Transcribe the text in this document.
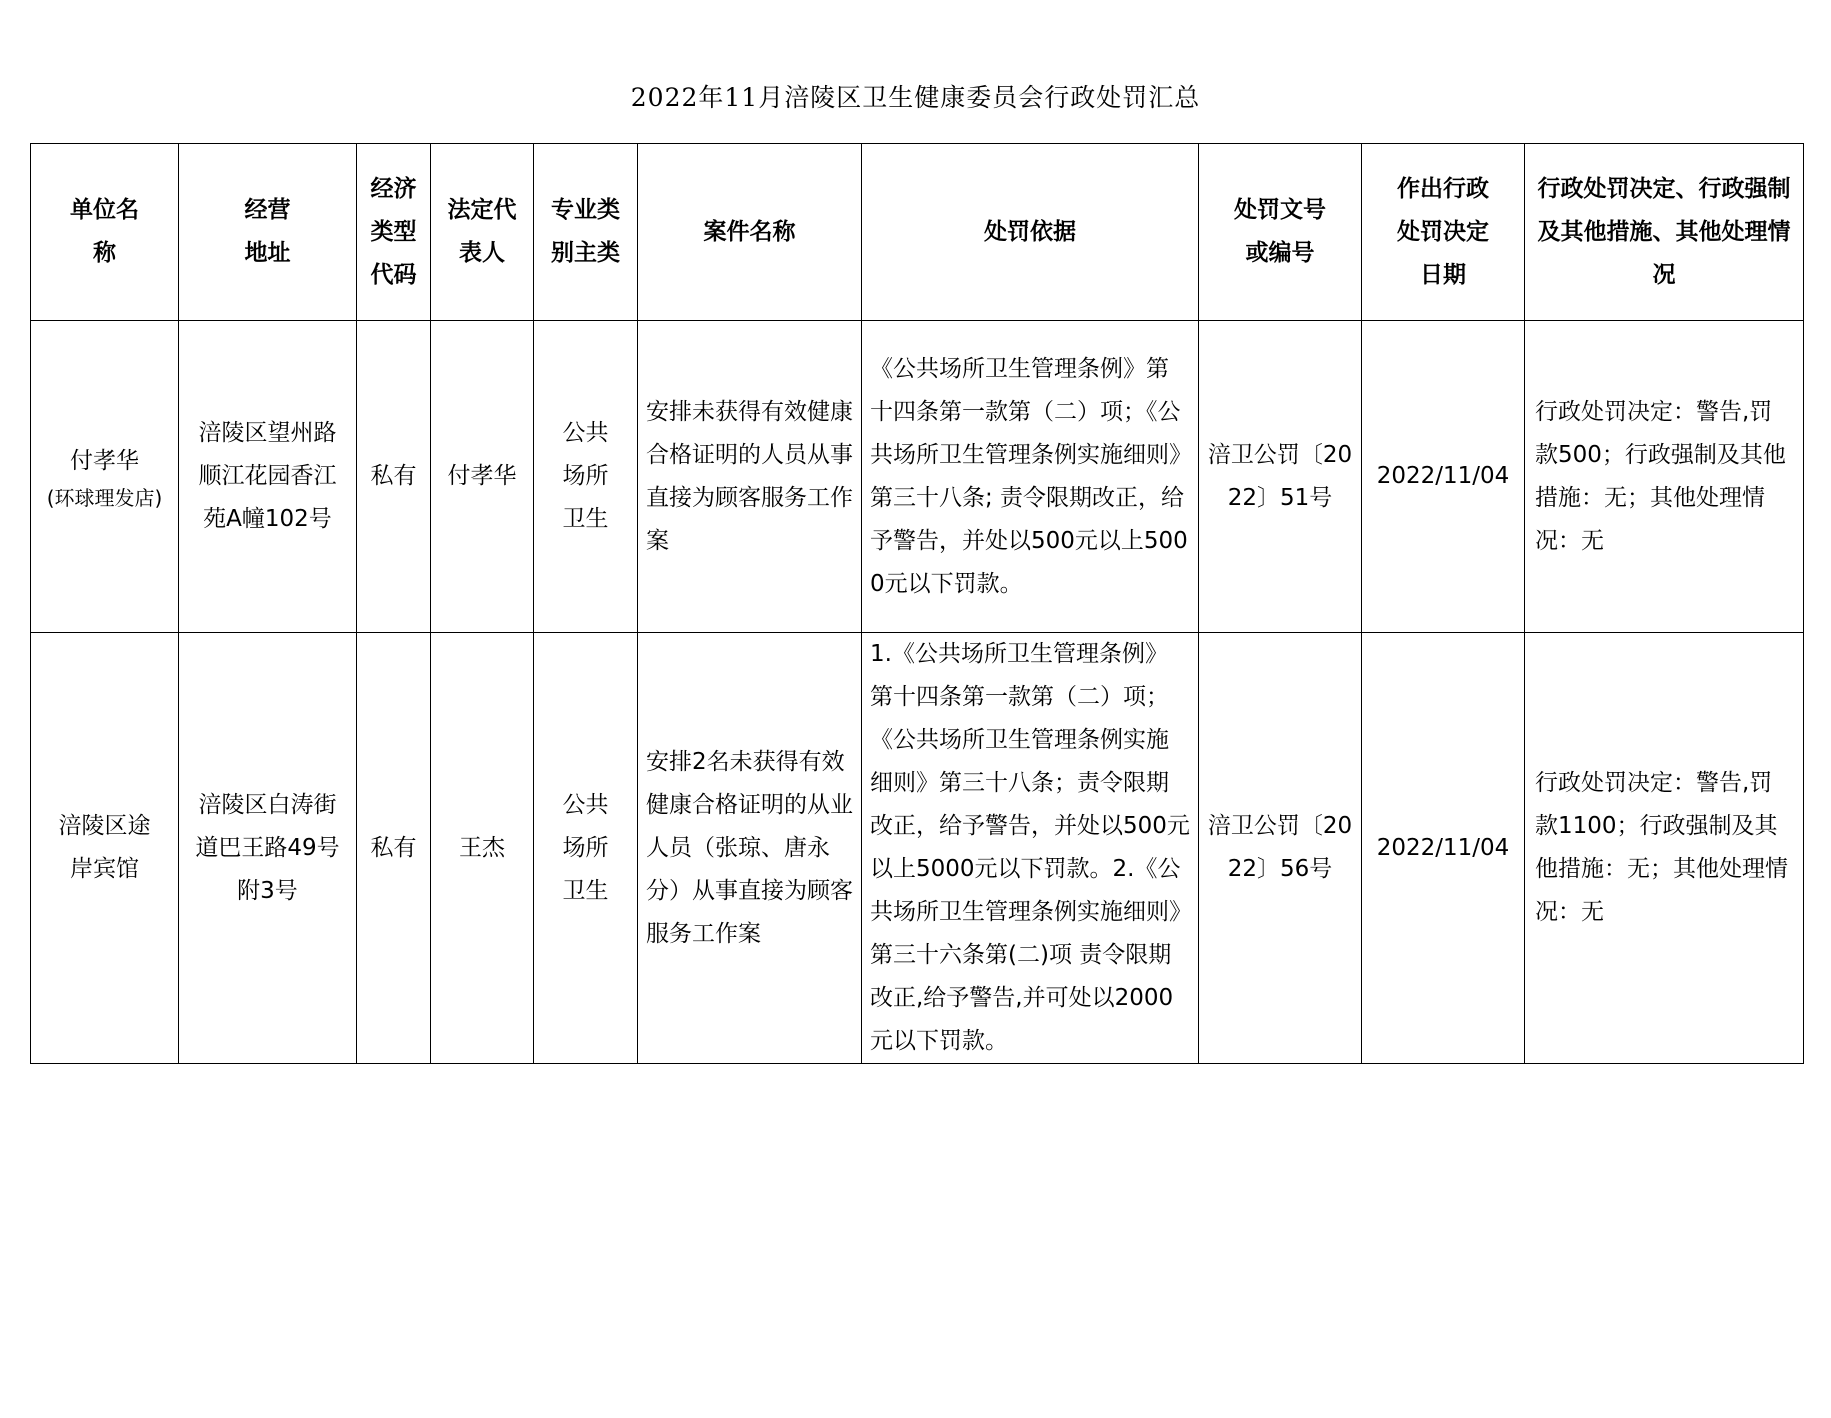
2022年11月涪陵区卫生健康委员会行政处罚汇总
单位名称	经营地址	经济类型代码	法定代表人	专业类别主类	案件名称	处罚依据	处罚文号或编号	作出行政处罚决定日期	行政处罚决定、行政强制及其他措施、其他处理情况
付孝华
(环球理发店)	涪陵区望州路顺江花园香江苑A幢102号	私有	付孝华	公共场所卫生	安排未获得有效健康合格证明的人员从事直接为顾客服务工作案	《公共场所卫生管理条例》第十四条第一款第（二）项；《公共场所卫生管理条例实施细则》第三十八条; 责令限期改正，给予警告，并处以500元以上5000元以下罚款。	涪卫公罚〔2022〕51号	2022/11/04	行政处罚决定：警告,罚款500；行政强制及其他措施：无；其他处理情况：无
涪陵区途岸宾馆	涪陵区白涛街道巴王路49号附3号	私有	王杰	公共场所卫生	安排2名未获得有效健康合格证明的从业人员（张琼、唐永分）从事直接为顾客服务工作案	1.《公共场所卫生管理条例》第十四条第一款第（二）项；《公共场所卫生管理条例实施细则》第三十八条；责令限期改正，给予警告，并处以500元以上5000元以下罚款。2.《公共场所卫生管理条例实施细则》第三十六条第(二)项 责令限期改正,给予警告,并可处以2000元以下罚款。	涪卫公罚〔2022〕56号	2022/11/04	行政处罚决定：警告,罚款1100；行政强制及其他措施：无；其他处理情况：无
